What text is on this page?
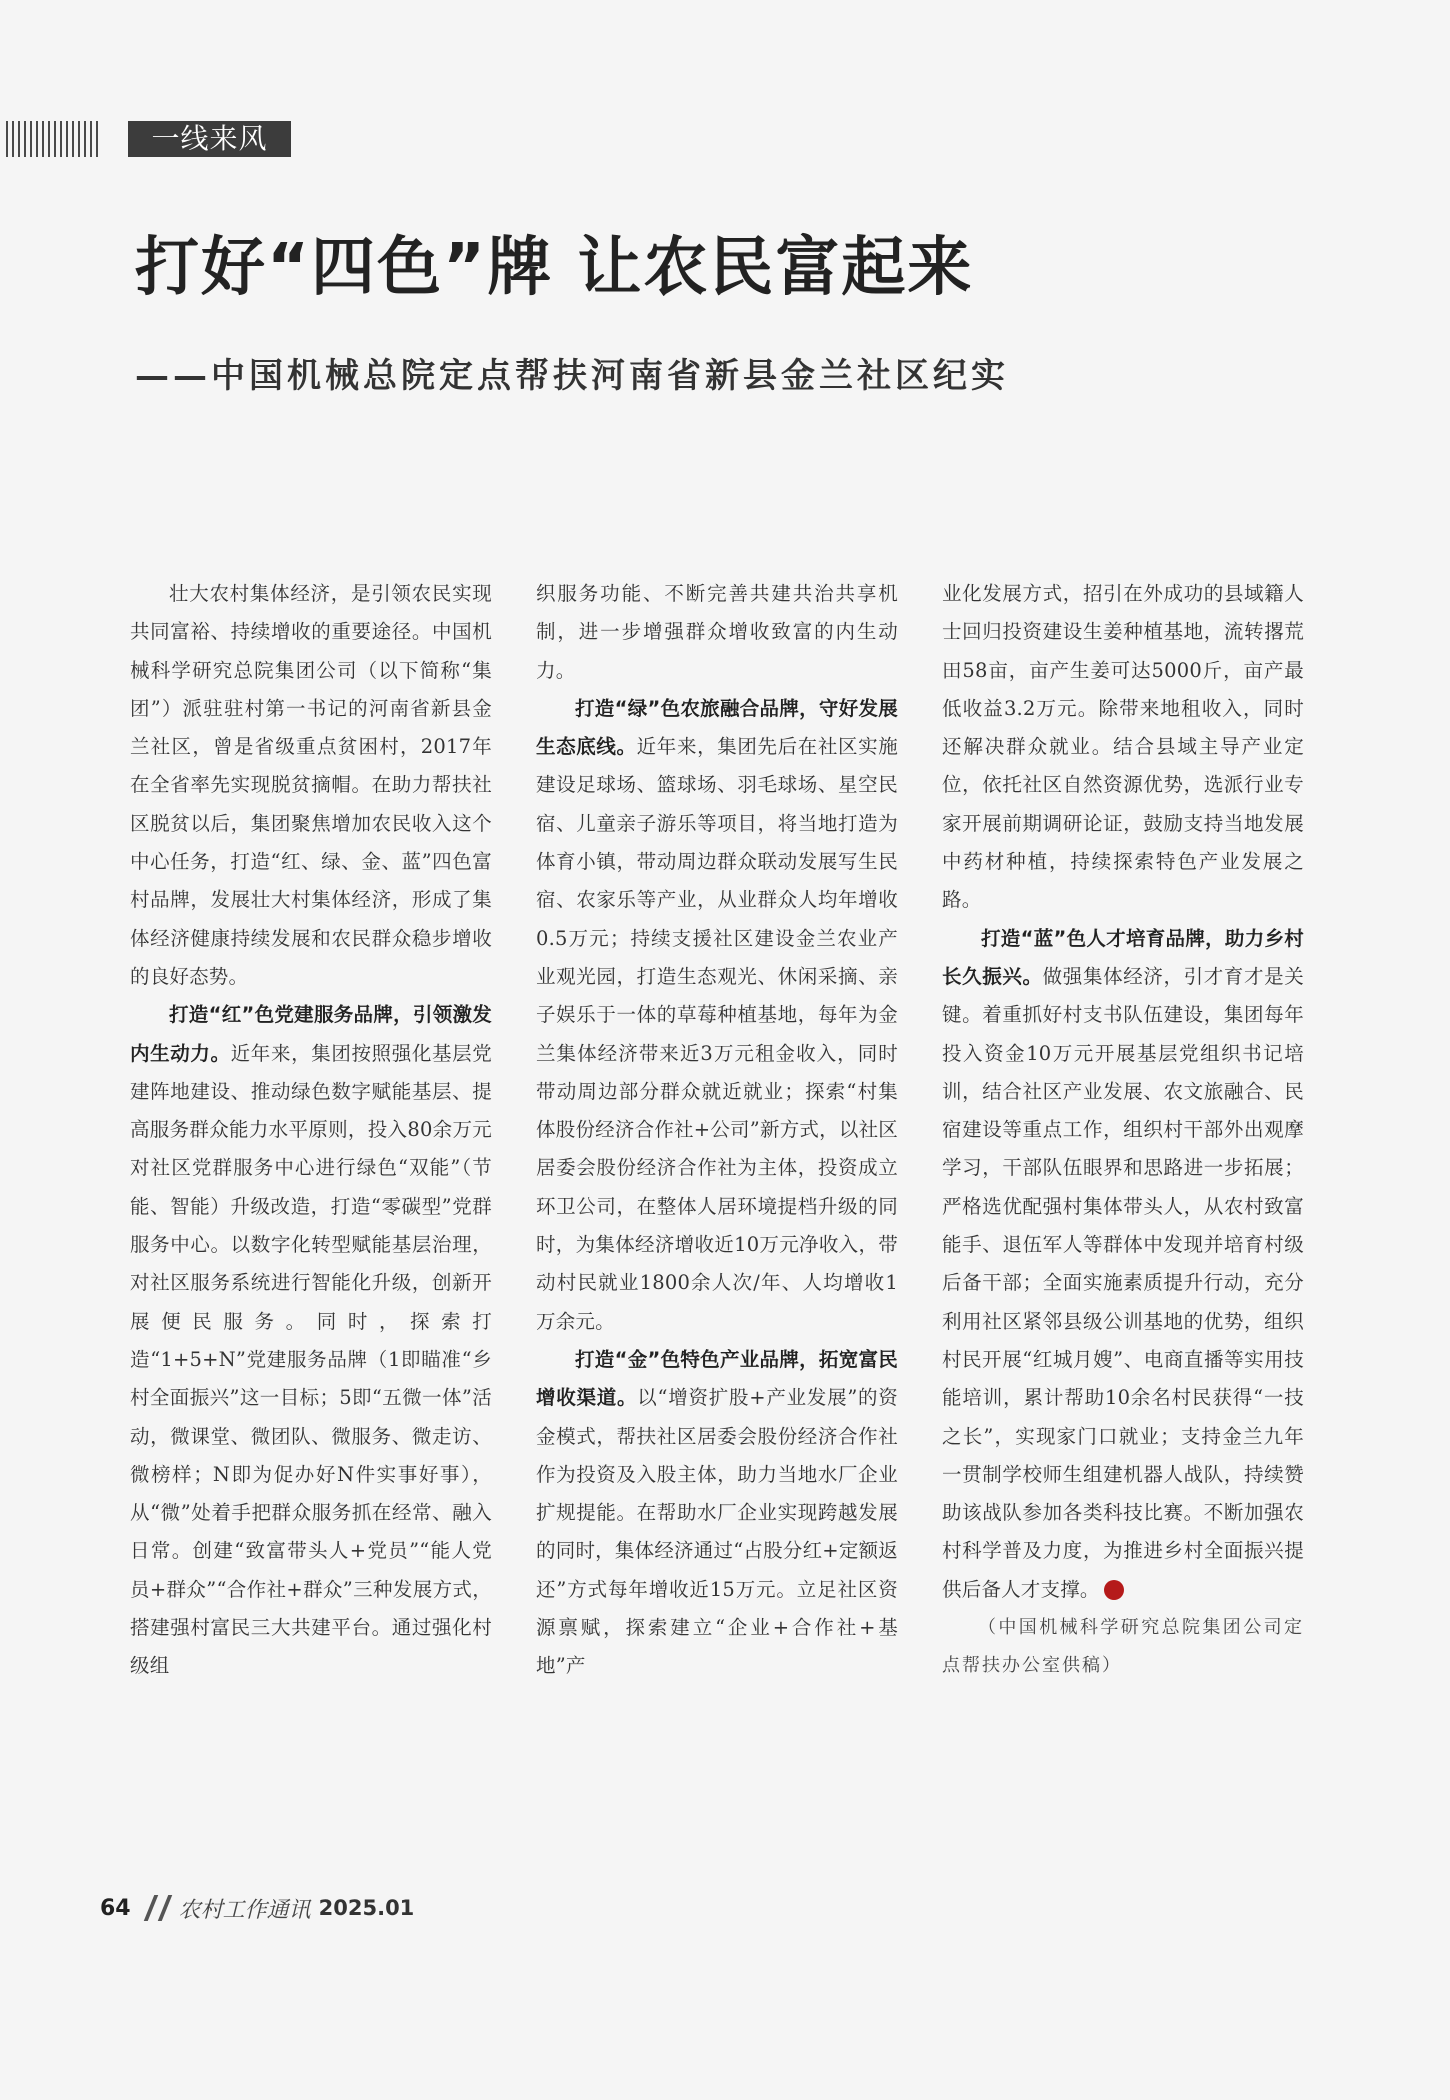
一线来风
打好“四色”牌 让农民富起来
——中国机械总院定点帮扶河南省新县金兰社区纪实

壮大农村集体经济，是引领农民实现共同富裕、持续增收的重要途径。中国机械科学研究总院集团公司（以下简称“集团”）派驻驻村第一书记的河南省新县金兰社区，曾是省级重点贫困村，2017年在全省率先实现脱贫摘帽。在助力帮扶社区脱贫以后，集团聚焦增加农民收入这个中心任务，打造“红、绿、金、蓝”四色富村品牌，发展壮大村集体经济，形成了集体经济健康持续发展和农民群众稳步增收的良好态势。

打造“红”色党建服务品牌，引领激发内生动力。近年来，集团按照强化基层党建阵地建设、推动绿色数字赋能基层、提高服务群众能力水平原则，投入80余万元对社区党群服务中心进行绿色“双能”（节能、智能）升级改造，打造“零碳型”党群服务中心。以数字化转型赋能基层治理，对社区服务系统进行智能化升级，创新开展便民服务。同时，探索打造“1+5+N”党建服务品牌（1即瞄准“乡村全面振兴”这一目标；5即“五微一体”活动，微课堂、微团队、微服务、微走访、微榜样；N即为促办好N件实事好事），从“微”处着手把群众服务抓在经常、融入日常。创建“致富带头人+党员”“能人党员+群众”“合作社+群众”三种发展方式，搭建强村富民三大共建平台。通过强化村级组

织服务功能、不断完善共建共治共享机制，进一步增强群众增收致富的内生动力。

打造“绿”色农旅融合品牌，守好发展生态底线。近年来，集团先后在社区实施建设足球场、篮球场、羽毛球场、星空民宿、儿童亲子游乐等项目，将当地打造为体育小镇，带动周边群众联动发展写生民宿、农家乐等产业，从业群众人均年增收0.5万元；持续支援社区建设金兰农业产业观光园，打造生态观光、休闲采摘、亲子娱乐于一体的草莓种植基地，每年为金兰集体经济带来近3万元租金收入，同时带动周边部分群众就近就业；探索“村集体股份经济合作社+公司”新方式，以社区居委会股份经济合作社为主体，投资成立环卫公司，在整体人居环境提档升级的同时，为集体经济增收近10万元净收入，带动村民就业1800余人次/年、人均增收1万余元。

打造“金”色特色产业品牌，拓宽富民增收渠道。以“增资扩股+产业发展”的资金模式，帮扶社区居委会股份经济合作社作为投资及入股主体，助力当地水厂企业扩规提能。在帮助水厂企业实现跨越发展的同时，集体经济通过“占股分红+定额返还”方式每年增收近15万元。立足社区资源禀赋，探索建立“企业+合作社+基地”产

业化发展方式，招引在外成功的县域籍人士回归投资建设生姜种植基地，流转撂荒田58亩，亩产生姜可达5000斤，亩产最低收益3.2万元。除带来地租收入，同时还解决群众就业。结合县域主导产业定位，依托社区自然资源优势，选派行业专家开展前期调研论证，鼓励支持当地发展中药材种植，持续探索特色产业发展之路。

打造“蓝”色人才培育品牌，助力乡村长久振兴。做强集体经济，引才育才是关键。着重抓好村支书队伍建设，集团每年投入资金10万元开展基层党组织书记培训，结合社区产业发展、农文旅融合、民宿建设等重点工作，组织村干部外出观摩学习，干部队伍眼界和思路进一步拓展；严格选优配强村集体带头人，从农村致富能手、退伍军人等群体中发现并培育村级后备干部；全面实施素质提升行动，充分利用社区紧邻县级公训基地的优势，组织村民开展“红城月嫂”、电商直播等实用技能培训，累计帮助10余名村民获得“一技之长”，实现家门口就业；支持金兰九年一贯制学校师生组建机器人战队，持续赞助该战队参加各类科技比赛。不断加强农村科学普及力度，为推进乡村全面振兴提供后备人才支撑。

（中国机械科学研究总院集团公司定点帮扶办公室供稿）

64 农村工作通讯 2025.01
